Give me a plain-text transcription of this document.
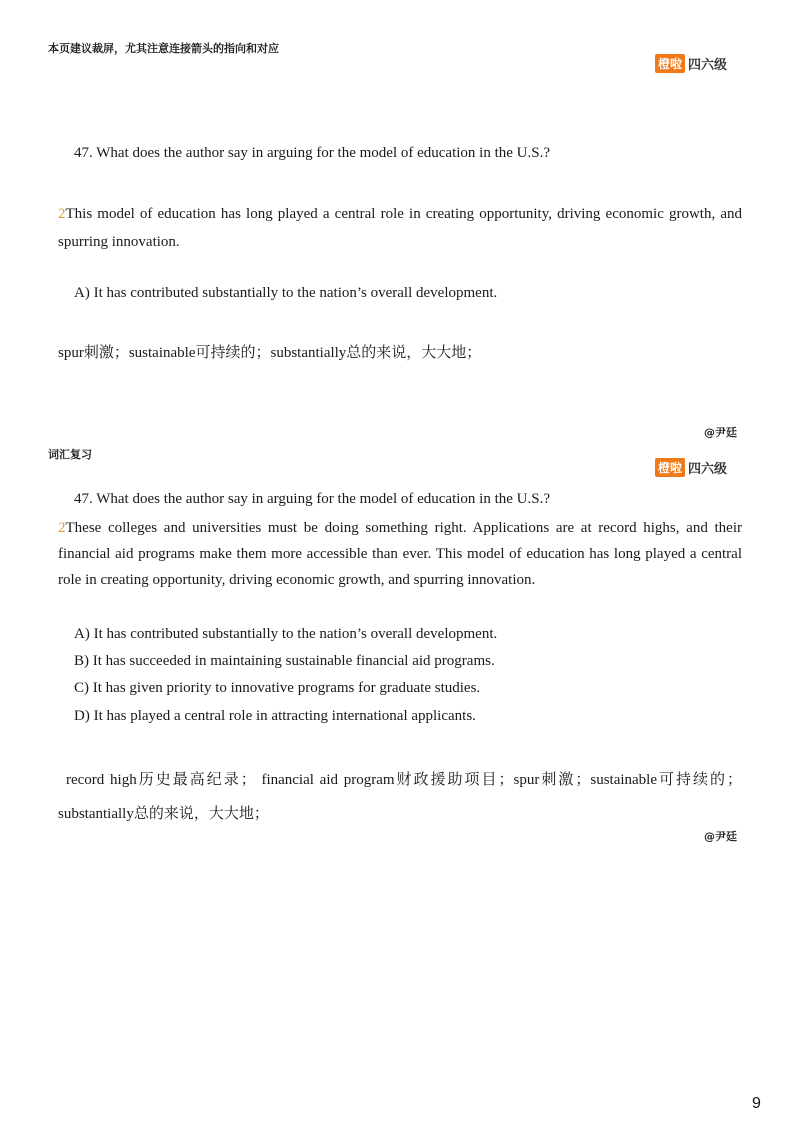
本页建议裁屏，尤其注意连接箭头的指向和对应
橙啦 四六级
47. What does the author say in arguing for the model of education in the U.S.?
2This model of education has long played a central role in creating opportunity, driving economic growth, and spurring innovation.
A) It has contributed substantially to the nation’s overall development.
spur刺激；sustainable可持续的；substantially总的来说，大大地；
@尹廷
词汇复习
橙啦 四六级
47. What does the author say in arguing for the model of education in the U.S.?
2These colleges and universities must be doing something right. Applications are at record highs, and their financial aid programs make them more accessible than ever. This model of education has long played a central role in creating opportunity, driving economic growth, and spurring innovation.
A) It has contributed substantially to the nation’s overall development.
B) It has succeeded in maintaining sustainable financial aid programs.
C) It has given priority to innovative programs for graduate studies.
D) It has played a central role in attracting international applicants.
record high历史最高纪录； financial aid program财政援助项目；spur刺激；sustainable可持续的；substantially总的来说，大大地；
@尹廷
9
